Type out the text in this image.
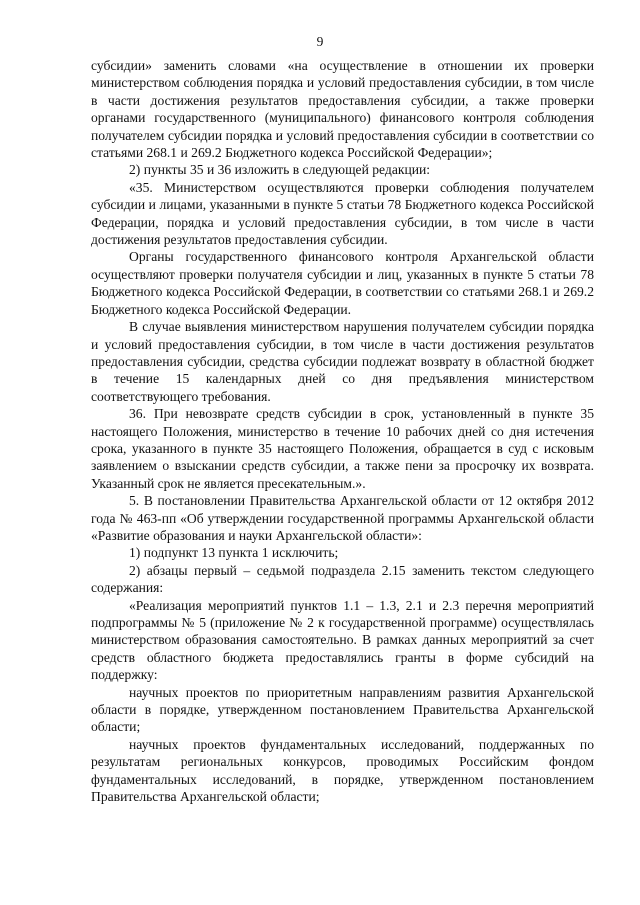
9

субсидии» заменить словами «на осуществление в отношении их проверки министерством соблюдения порядка и условий предоставления субсидии, в том числе в части достижения результатов предоставления субсидии, а также проверки органами государственного (муниципального) финансового контроля соблюдения получателем субсидии порядка и условий предоставления субсидии в соответствии со статьями 268.1 и 269.2 Бюджетного кодекса Российской Федерации»;

2) пункты 35 и 36 изложить в следующей редакции:

«35. Министерством осуществляются проверки соблюдения получателем субсидии и лицами, указанными в пункте 5 статьи 78 Бюджетного кодекса Российской Федерации, порядка и условий предоставления субсидии, в том числе в части достижения результатов предоставления субсидии.

Органы государственного финансового контроля Архангельской области осуществляют проверки получателя субсидии и лиц, указанных в пункте 5 статьи 78 Бюджетного кодекса Российской Федерации, в соответствии со статьями 268.1 и 269.2 Бюджетного кодекса Российской Федерации.

В случае выявления министерством нарушения получателем субсидии порядка и условий предоставления субсидии, в том числе в части достижения результатов предоставления субсидии, средства субсидии подлежат возврату в областной бюджет в течение 15 календарных дней со дня предъявления министерством соответствующего требования.

36. При невозврате средств субсидии в срок, установленный в пункте 35 настоящего Положения, министерство в течение 10 рабочих дней со дня истечения срока, указанного в пункте 35 настоящего Положения, обращается в суд с исковым заявлением о взыскании средств субсидии, а также пени за просрочку их возврата. Указанный срок не является пресекательным.».

5. В постановлении Правительства Архангельской области от 12 октября 2012 года № 463-пп «Об утверждении государственной программы Архангельской области «Развитие образования и науки Архангельской области»:

1) подпункт 13 пункта 1 исключить;

2) абзацы первый – седьмой подраздела 2.15 заменить текстом следующего содержания:

«Реализация мероприятий пунктов 1.1 – 1.3, 2.1 и 2.3 перечня мероприятий подпрограммы № 5 (приложение № 2 к государственной программе) осуществлялась министерством образования самостоятельно. В рамках данных мероприятий за счет средств областного бюджета предоставлялись гранты в форме субсидий на поддержку:

научных проектов по приоритетным направлениям развития Архангельской области в порядке, утвержденном постановлением Правительства Архангельской области;

научных проектов фундаментальных исследований, поддержанных по результатам региональных конкурсов, проводимых Российским фондом фундаментальных исследований, в порядке, утвержденном постановлением Правительства Архангельской области;
